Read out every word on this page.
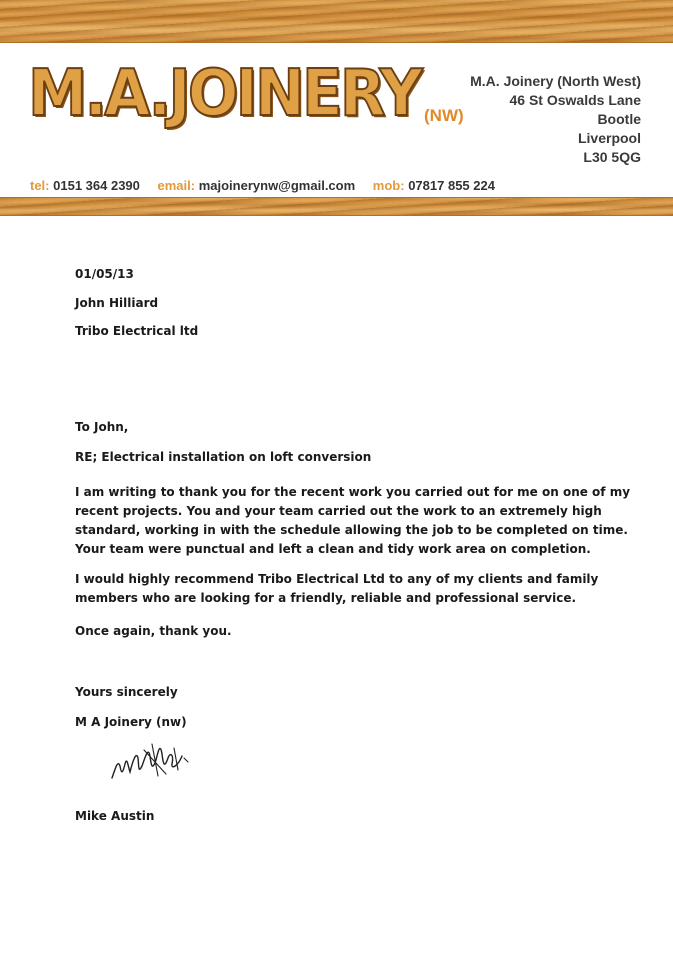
M.A.JOINERY (NW)
M.A. Joinery (North West)
46 St Oswalds Lane
Bootle
Liverpool
L30 5QG
tel: 0151 364 2390 email: majoinerynw@gmail.com mob: 07817 855 224
01/05/13
John Hilliard
Tribo Electrical ltd
To John,
RE; Electrical installation on loft conversion
I am writing to thank you for the recent work you carried out for me on one of my recent projects. You and your team carried out the work to an extremely high standard, working in with the schedule allowing the job to be completed on time. Your team were punctual and left a clean and tidy work area on completion.
I would highly recommend Tribo Electrical Ltd to any of my clients and family members who are looking for a friendly, reliable and professional service.
Once again, thank you.
Yours sincerely
M A Joinery (nw)
Mike Austin
